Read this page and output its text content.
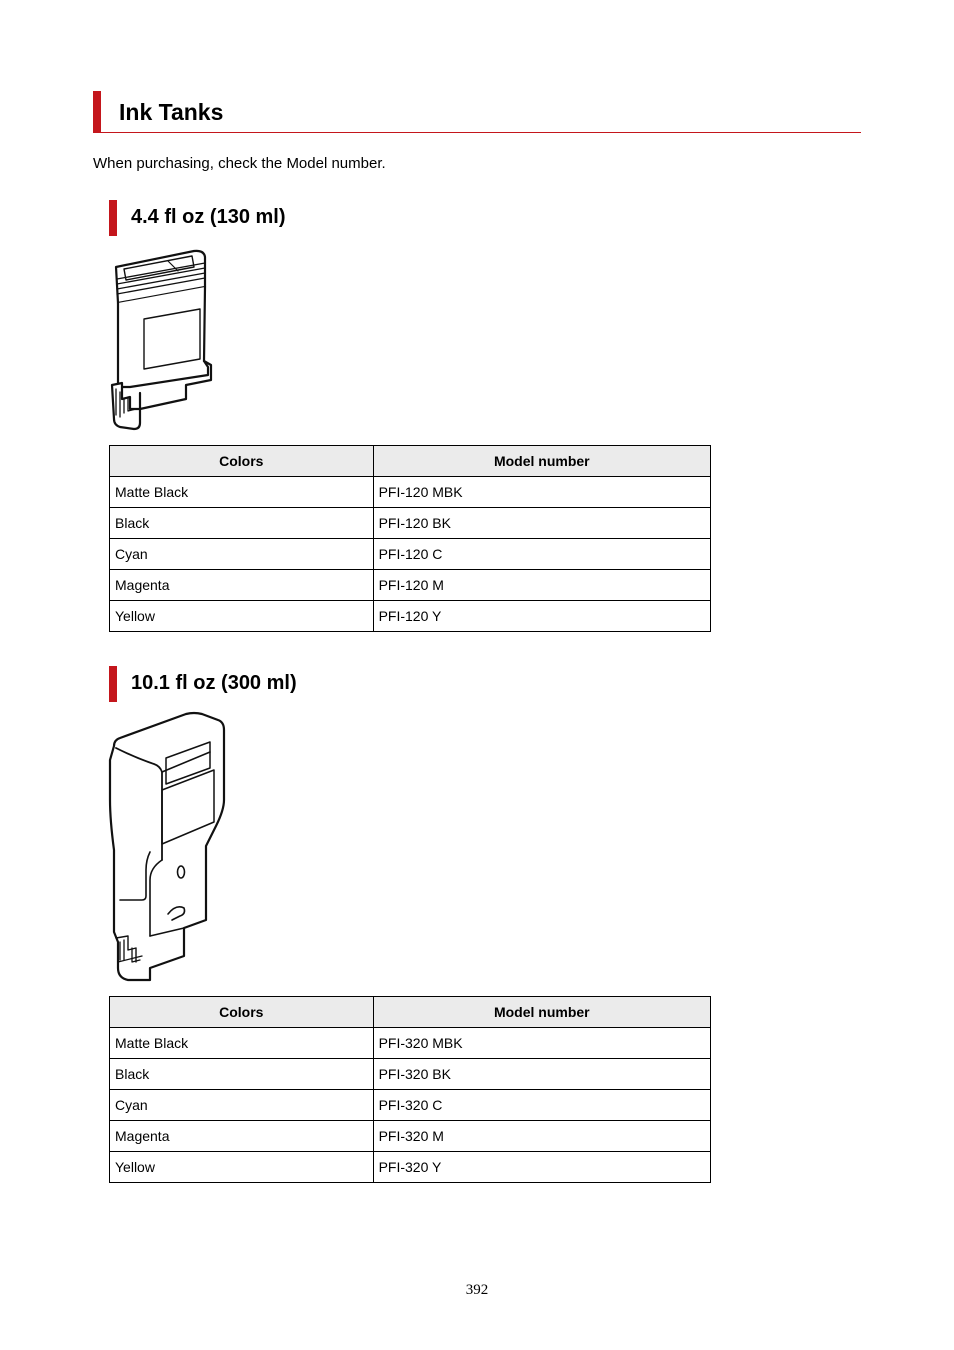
Ink Tanks
When purchasing, check the Model number.
4.4 fl oz (130 ml)
Colors	Model number
Matte Black	PFI-120 MBK
Black	PFI-120 BK
Cyan	PFI-120 C
Magenta	PFI-120 M
Yellow	PFI-120 Y
10.1 fl oz (300 ml)
Colors	Model number
Matte Black	PFI-320 MBK
Black	PFI-320 BK
Cyan	PFI-320 C
Magenta	PFI-320 M
Yellow	PFI-320 Y
392
